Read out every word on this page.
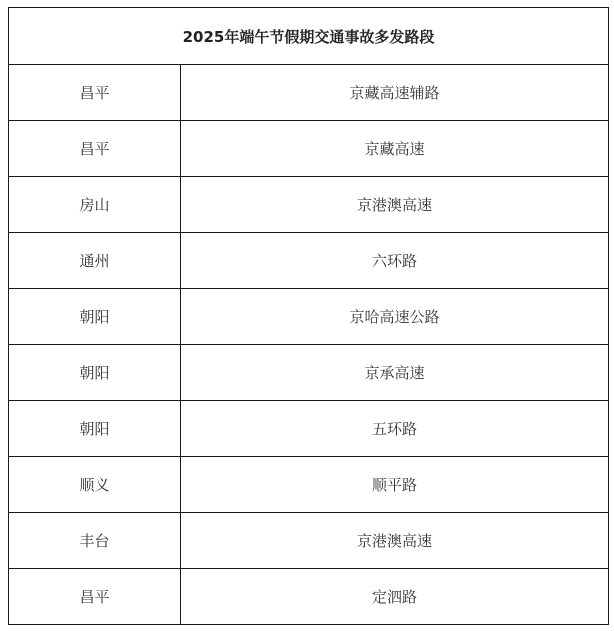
2025年端午节假期交通事故多发路段	
昌平	京藏高速辅路
昌平	京藏高速
房山	京港澳高速
通州	六环路
朝阳	京哈高速公路
朝阳	京承高速
朝阳	五环路
顺义	顺平路
丰台	京港澳高速
昌平	定泗路
